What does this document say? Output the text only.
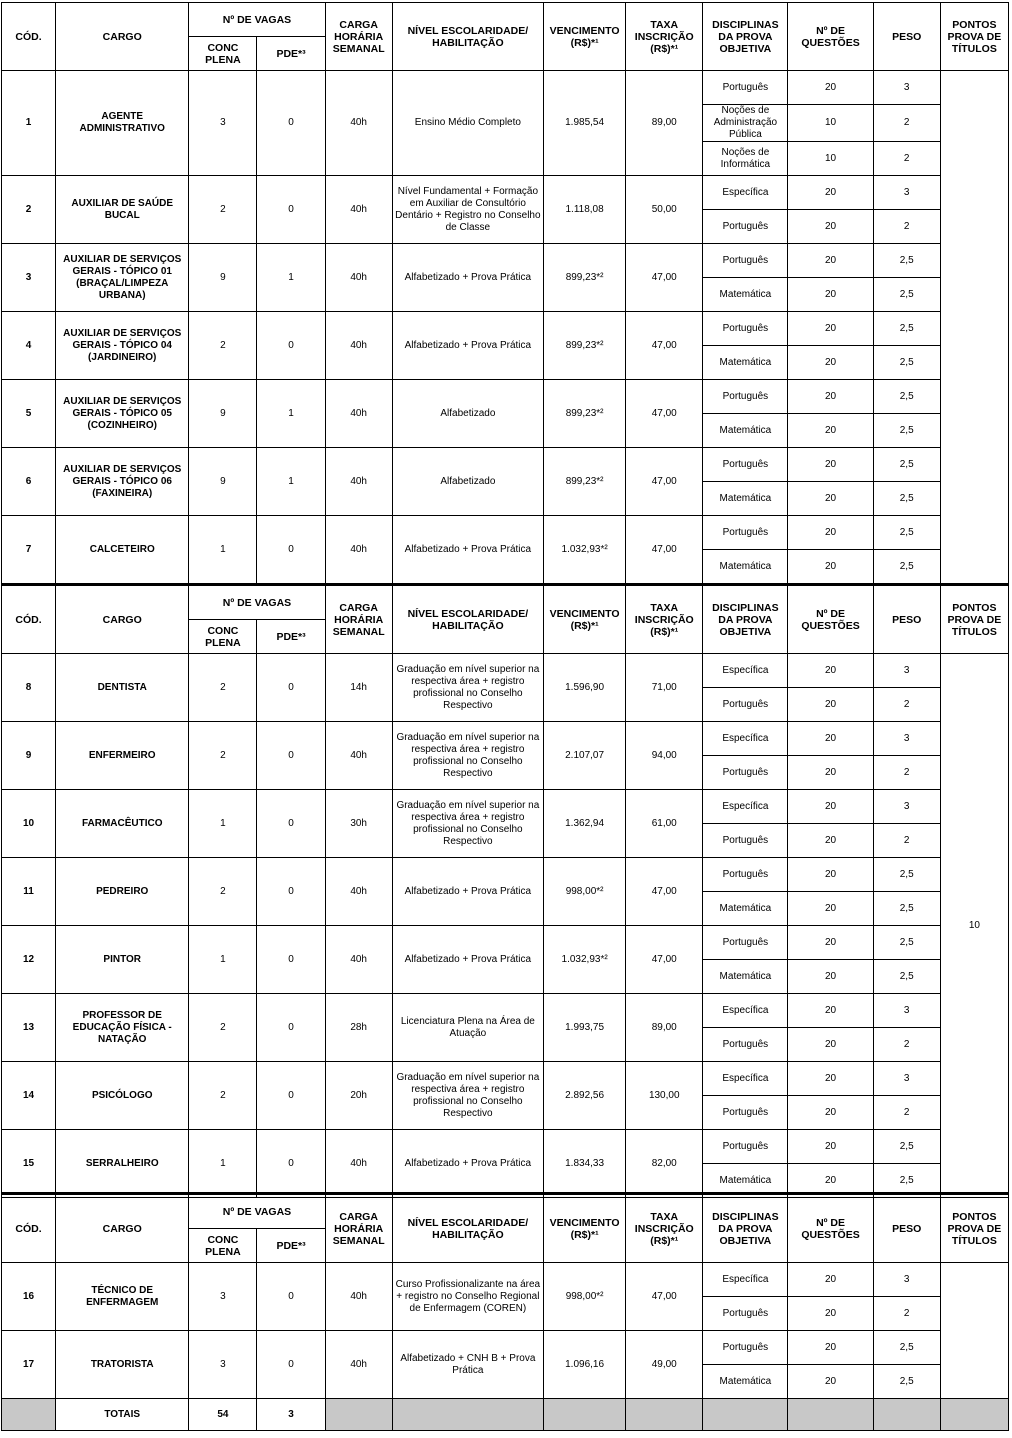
CÓD.	CARGO	Nº DE VAGAS		CARGA HORÁRIA SEMANAL	NÍVEL ESCOLARIDADE/ HABILITAÇÃO	VENCIMENTO (R$)*¹	TAXA INSCRIÇÃO (R$)*¹	DISCIPLINAS DA PROVA OBJETIVA	Nº DE QUESTÕES	PESO	PONTOS PROVA DE TÍTULOS
		CONC PLENA	PDE*³								
1	AGENTE ADMINISTRATIVO	3	0	40h	Ensino Médio Completo	1.985,54	89,00	Português	20	3	
								Noções de Administração Pública	10	2	
								Noções de Informática	10	2	
2	AUXILIAR DE SAÚDE BUCAL	2	0	40h	Nível Fundamental + Formação em Auxiliar de Consultório Dentário + Registro no Conselho de Classe	1.118,08	50,00	Específica	20	3	
								Português	20	2	
3	AUXILIAR DE SERVIÇOS GERAIS - TÓPICO 01 (BRAÇAL/LIMPEZA URBANA)	9	1	40h	Alfabetizado + Prova Prática	899,23*²	47,00	Português	20	2,5	
								Matemática	20	2,5	
4	AUXILIAR DE SERVIÇOS GERAIS - TÓPICO 04 (JARDINEIRO)	2	0	40h	Alfabetizado + Prova Prática	899,23*²	47,00	Português	20	2,5	
								Matemática	20	2,5	
5	AUXILIAR DE SERVIÇOS GERAIS - TÓPICO 05 (COZINHEIRO)	9	1	40h	Alfabetizado	899,23*²	47,00	Português	20	2,5	
								Matemática	20	2,5	
6	AUXILIAR DE SERVIÇOS GERAIS - TÓPICO 06 (FAXINEIRA)	9	1	40h	Alfabetizado	899,23*²	47,00	Português	20	2,5	
								Matemática	20	2,5	
7	CALCETEIRO	1	0	40h	Alfabetizado + Prova Prática	1.032,93*²	47,00	Português	20	2,5	
								Matemática	20	2,5	
CÓD.	CARGO	Nº DE VAGAS		CARGA HORÁRIA SEMANAL	NÍVEL ESCOLARIDADE/ HABILITAÇÃO	VENCIMENTO (R$)*¹	TAXA INSCRIÇÃO (R$)*¹	DISCIPLINAS DA PROVA OBJETIVA	Nº DE QUESTÕES	PESO	PONTOS PROVA DE TÍTULOS
		CONC PLENA	PDE*³								
8	DENTISTA	2	0	14h	Graduação em nível superior na respectiva área + registro profissional no Conselho Respectivo	1.596,90	71,00	Específica	20	3	10
								Português	20	2	
9	ENFERMEIRO	2	0	40h	Graduação em nível superior na respectiva área + registro profissional no Conselho Respectivo	2.107,07	94,00	Específica	20	3	
								Português	20	2	
10	FARMACÊUTICO	1	0	30h	Graduação em nível superior na respectiva área + registro profissional no Conselho Respectivo	1.362,94	61,00	Específica	20	3	
								Português	20	2	
11	PEDREIRO	2	0	40h	Alfabetizado + Prova Prática	998,00*²	47,00	Português	20	2,5	
								Matemática	20	2,5	
12	PINTOR	1	0	40h	Alfabetizado + Prova Prática	1.032,93*²	47,00	Português	20	2,5	
								Matemática	20	2,5	
13	PROFESSOR DE EDUCAÇÃO FÍSICA - NATAÇÃO	2	0	28h	Licenciatura Plena na Área de Atuação	1.993,75	89,00	Específica	20	3	
								Português	20	2	
14	PSICÓLOGO	2	0	20h	Graduação em nível superior na respectiva área + registro profissional no Conselho Respectivo	2.892,56	130,00	Específica	20	3	
								Português	20	2	
15	SERRALHEIRO	1	0	40h	Alfabetizado + Prova Prática	1.834,33	82,00	Português	20	2,5	
								Matemática	20	2,5	
CÓD.	CARGO	Nº DE VAGAS		CARGA HORÁRIA SEMANAL	NÍVEL ESCOLARIDADE/ HABILITAÇÃO	VENCIMENTO (R$)*¹	TAXA INSCRIÇÃO (R$)*¹	DISCIPLINAS DA PROVA OBJETIVA	Nº DE QUESTÕES	PESO	PONTOS PROVA DE TÍTULOS
		CONC PLENA	PDE*³								
16	TÉCNICO DE ENFERMAGEM	3	0	40h	Curso Profissionalizante na área + registro no Conselho Regional de Enfermagem (COREN)	998,00*²	47,00	Específica	20	3	
								Português	20	2	
17	TRATORISTA	3	0	40h	Alfabetizado + CNH B + Prova Prática	1.096,16	49,00	Português	20	2,5	
								Matemática	20	2,5	
	TOTAIS	54	3								
